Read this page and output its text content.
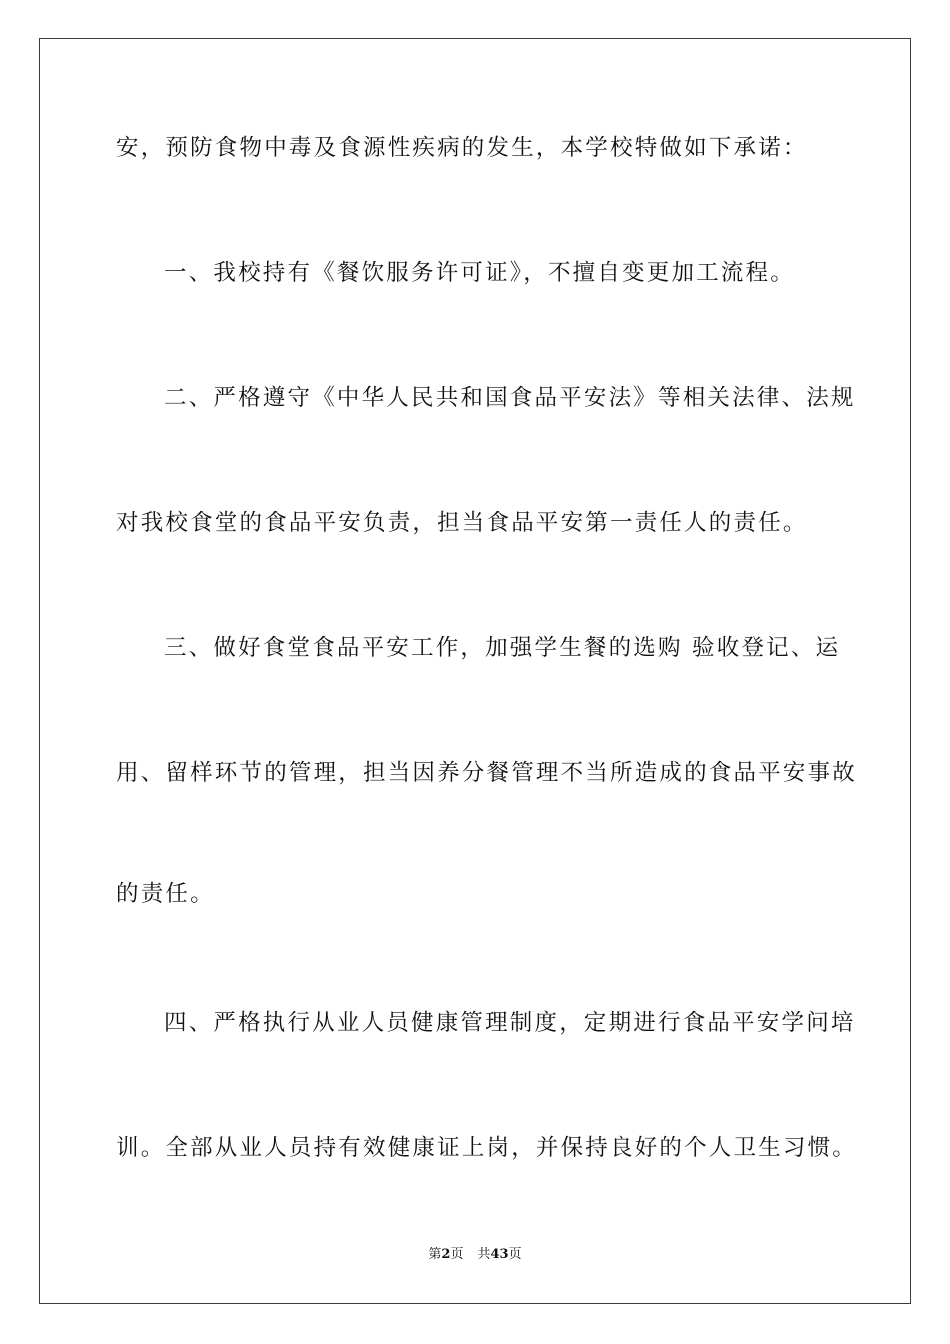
安，预防食物中毒及食源性疾病的发生，本学校特做如下承诺：
一、我校持有《餐饮服务许可证》，不擅自变更加工流程。
二、严格遵守《中华人民共和国食品平安法》等相关法律、法规
对我校食堂的食品平安负责，担当食品平安第一责任人的责任。
三、做好食堂食品平安工作，加强学生餐的选购 验收登记、运
用、留样环节的管理，担当因养分餐管理不当所造成的食品平安事故
的责任。
四、严格执行从业人员健康管理制度，定期进行食品平安学问培
训。全部从业人员持有效健康证上岗，并保持良好的个人卫生习惯。
第2页 共43页
